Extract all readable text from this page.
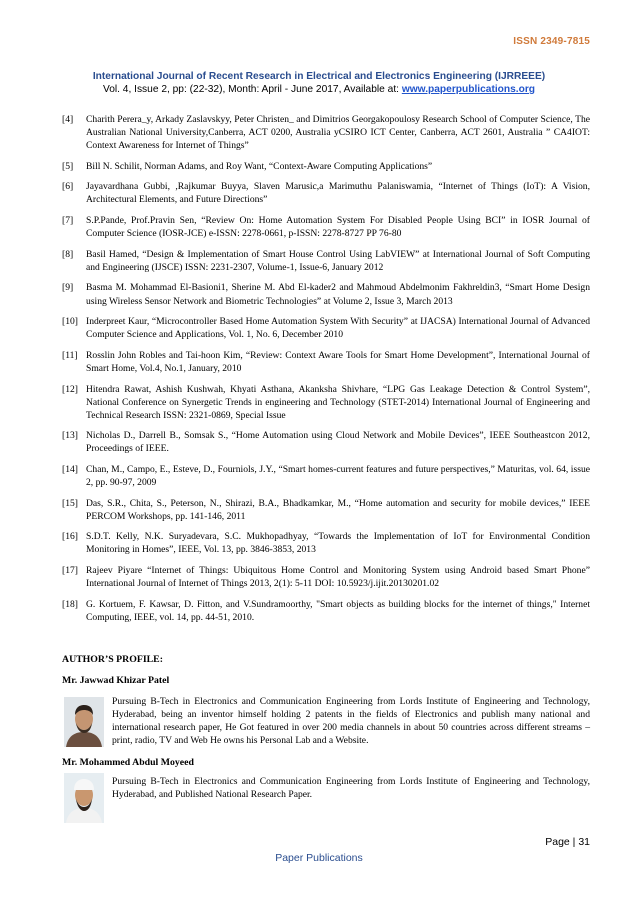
ISSN 2349-7815
International Journal of Recent Research in Electrical and Electronics Engineering (IJRREEE)
Vol. 4, Issue 2, pp: (22-32), Month: April - June 2017, Available at: www.paperpublications.org
[4]	Charith Perera_y, Arkady Zaslavskyy, Peter Christen_ and Dimitrios Georgakopoulosy Research School of Computer Science, The Australian National University,Canberra, ACT 0200, Australia yCSIRO ICT Center, Canberra, ACT 2601, Australia ” CA4IOT: Context Awareness for Internet of Things”
[5]	Bill N. Schilit, Norman Adams, and Roy Want, “Context-Aware Computing Applications”
[6]	Jayavardhana Gubbi, ,Rajkumar Buyya, Slaven Marusic,a Marimuthu Palaniswamia, “Internet of Things (IoT): A Vision, Architectural Elements, and Future Directions”
[7]	S.P.Pande, Prof.Pravin Sen, “Review On: Home Automation System For Disabled People Using BCI” in IOSR Journal of Computer Science (IOSR-JCE) e-ISSN: 2278-0661, p-ISSN: 2278-8727 PP 76-80
[8]	Basil Hamed, “Design & Implementation of Smart House Control Using LabVIEW” at International Journal of Soft Computing and Engineering (IJSCE) ISSN: 2231-2307, Volume-1, Issue-6, January 2012
[9]	Basma M. Mohammad El-Basioni1, Sherine M. Abd El-kader2 and Mahmoud Abdelmonim Fakhreldin3, “Smart Home Design using Wireless Sensor Network and Biometric Technologies” at Volume 2, Issue 3, March 2013
[10] Inderpreet Kaur, “Microcontroller Based Home Automation System With Security” at IJACSA) International Journal of Advanced Computer Science and Applications, Vol. 1, No. 6, December 2010
[11] Rosslin John Robles and Tai-hoon Kim, “Review: Context Aware Tools for Smart Home Development”, International Journal of Smart Home, Vol.4, No.1, January, 2010
[12] Hitendra Rawat, Ashish Kushwah, Khyati Asthana, Akanksha Shivhare, “LPG Gas Leakage Detection & Control System”, National Conference on Synergetic Trends in engineering and Technology (STET-2014) International Journal of Engineering and Technical Research ISSN: 2321-0869, Special Issue
[13] Nicholas D., Darrell B., Somsak S., “Home Automation using Cloud Network and Mobile Devices”, IEEE Southeastcon 2012, Proceedings of IEEE.
[14] Chan, M., Campo, E., Esteve, D., Fourniols, J.Y., “Smart homes-current features and future perspectives,” Maturitas, vol. 64, issue 2, pp. 90-97, 2009
[15] Das, S.R., Chita, S., Peterson, N., Shirazi, B.A., Bhadkamkar, M., “Home automation and security for mobile devices,” IEEE PERCOM Workshops, pp. 141-146, 2011
[16] S.D.T. Kelly, N.K. Suryadevara, S.C. Mukhopadhyay, “Towards the Implementation of IoT for Environmental Condition Monitoring in Homes”, IEEE, Vol. 13, pp. 3846-3853, 2013
[17] Rajeev Piyare “Internet of Things: Ubiquitous Home Control and Monitoring System using Android based Smart Phone” International Journal of Internet of Things 2013, 2(1): 5-11 DOI: 10.5923/j.ijit.20130201.02
[18] G. Kortuem, F. Kawsar, D. Fitton, and V.Sundramoorthy, "Smart objects as building blocks for the internet of things," Internet Computing, IEEE, vol. 14, pp. 44-51, 2010.
AUTHOR’S PROFILE:
Mr. Jawwad Khizar Patel
Pursuing B-Tech in Electronics and Communication Engineering from Lords Institute of Engineering and Technology, Hyderabad, being an inventor himself holding 2 patents in the fields of Electronics and publish many national and international research paper, He Got featured in over 200 media channels in about 50 countries across different streams –print, radio, TV and Web He owns his Personal Lab and a Website.
Mr. Mohammed Abdul Moyeed
Pursuing B-Tech in Electronics and Communication Engineering from Lords Institute of Engineering and Technology, Hyderabad, and Published National Research Paper.
Page | 31
Paper Publications
